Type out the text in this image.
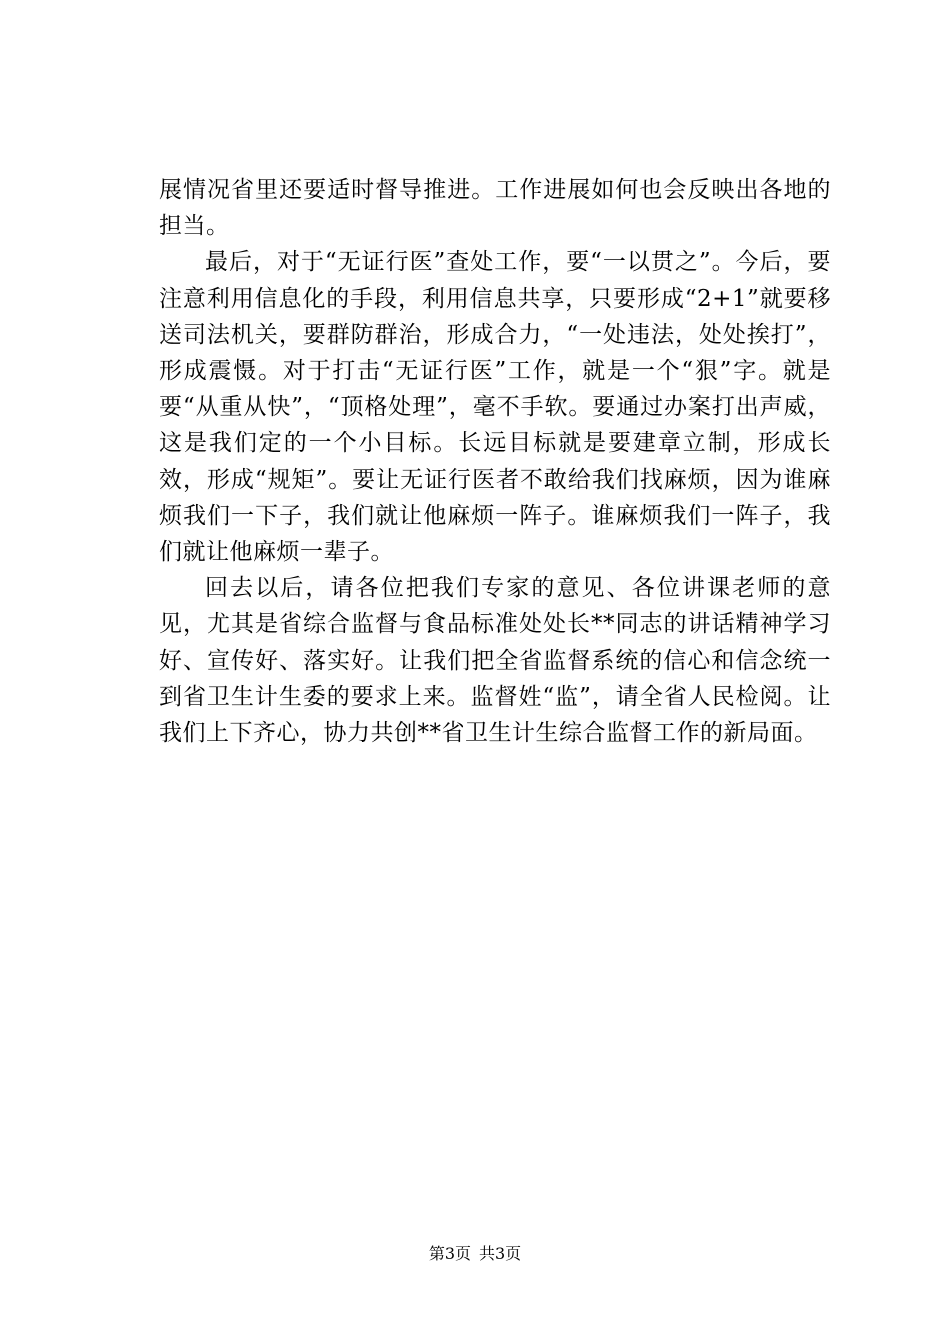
展情况省里还要适时督导推进。工作进展如何也会反映出各地的担当。

最后，对于“无证行医”查处工作，要“一以贯之”。今后，要注意利用信息化的手段，利用信息共享，只要形成“2+1”就要移送司法机关，要群防群治，形成合力，“一处违法，处处挨打”，形成震慑。对于打击“无证行医”工作，就是一个“狠”字。就是要“从重从快”，“顶格处理”，毫不手软。要通过办案打出声威，这是我们定的一个小目标。长远目标就是要建章立制，形成长效，形成“规矩”。要让无证行医者不敢给我们找麻烦，因为谁麻烦我们一下子，我们就让他麻烦一阵子。谁麻烦我们一阵子，我们就让他麻烦一辈子。

回去以后，请各位把我们专家的意见、各位讲课老师的意见，尤其是省综合监督与食品标准处处长**同志的讲话精神学习好、宣传好、落实好。让我们把全省监督系统的信心和信念统一到省卫生计生委的要求上来。监督姓“监”，请全省人民检阅。让我们上下齐心，协力共创**省卫生计生综合监督工作的新局面。

第3页 共3页
